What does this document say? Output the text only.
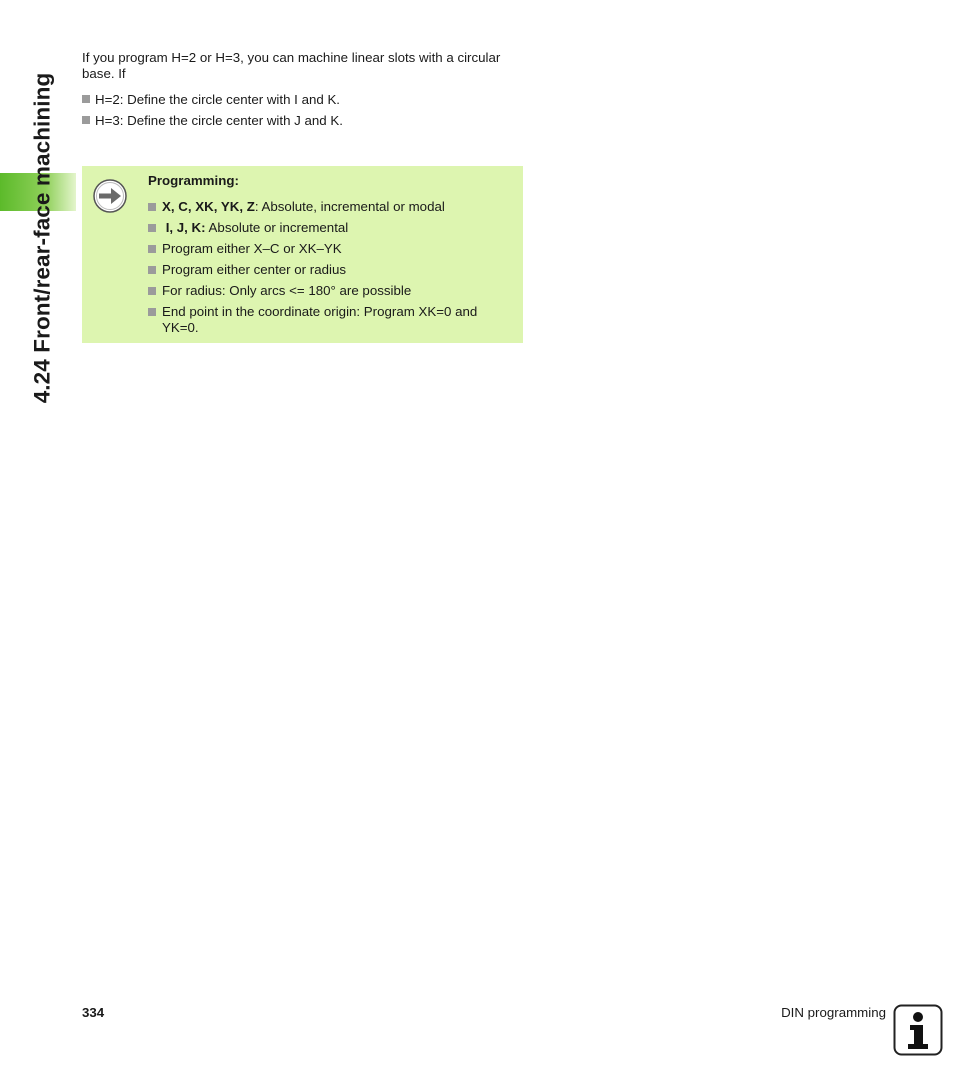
4.24 Front/rear-face machining

If you program H=2 or H=3, you can machine linear slots with a circular base. If

H=2: Define the circle center with I and K.
H=3: Define the circle center with J and K.
Programming:
X, C, XK, YK, Z: Absolute, incremental or modal
I, J, K: Absolute or incremental
Program either X–C or XK–YK
Program either center or radius
For radius: Only arcs <= 180° are possible
End point in the coordinate origin: Program XK=0 and YK=0.
334	DIN programming
